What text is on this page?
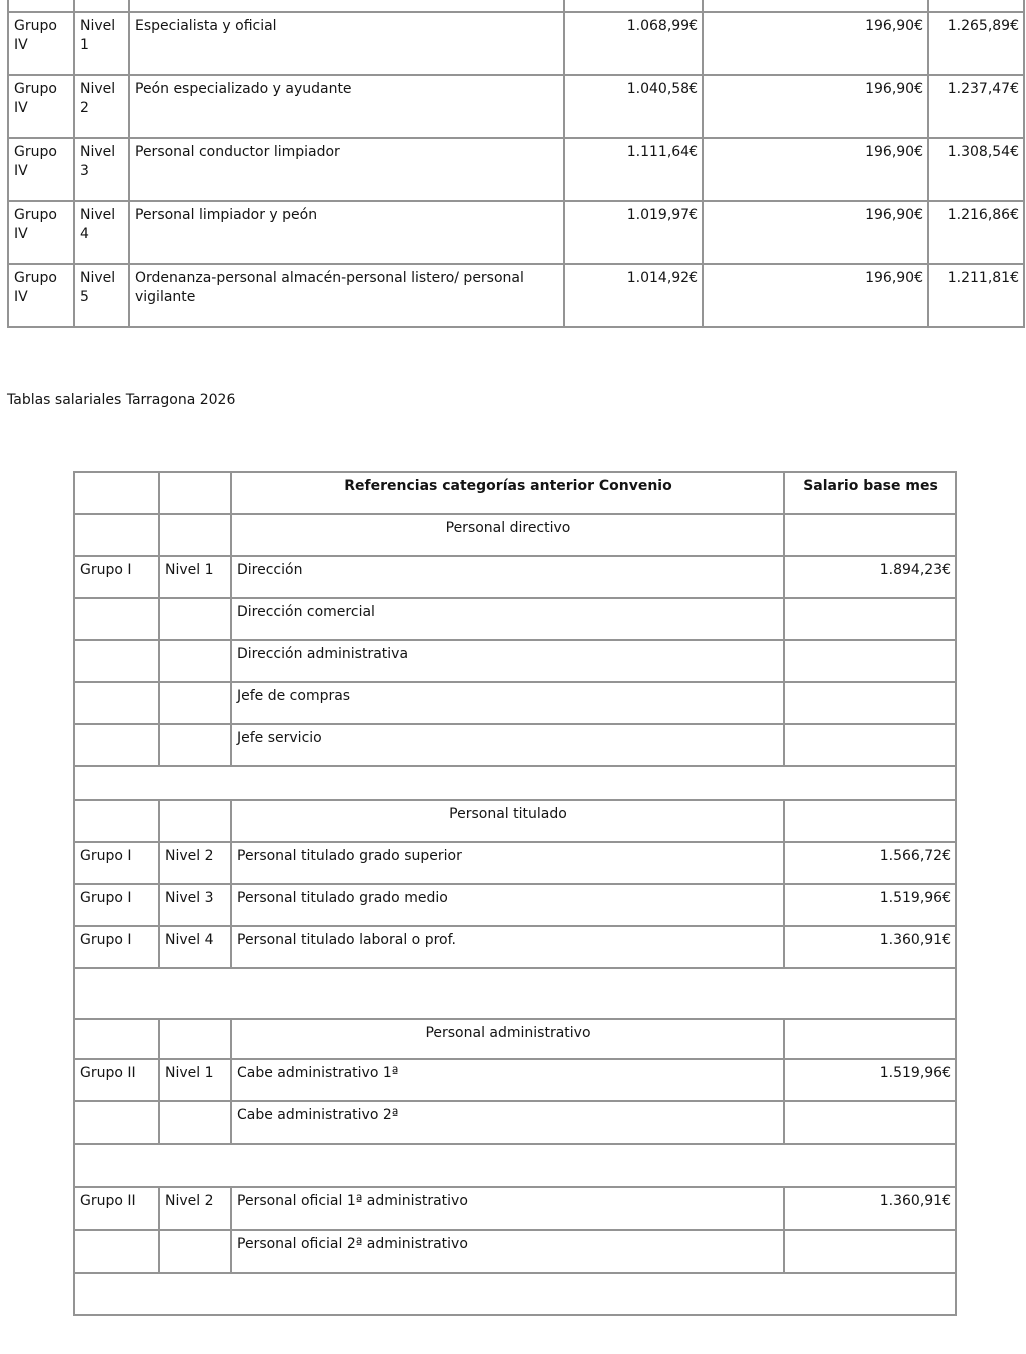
Grupo IV	Nivel 1	Especialista y oficial	1.068,99€	196,90€	1.265,89€
Grupo IV	Nivel 2	Peón especializado y ayudante	1.040,58€	196,90€	1.237,47€
Grupo IV	Nivel 3	Personal conductor limpiador	1.111,64€	196,90€	1.308,54€
Grupo IV	Nivel 4	Personal limpiador y peón	1.019,97€	196,90€	1.216,86€
Grupo IV	Nivel 5	Ordenanza-personal almacén-personal listero/ personal vigilante	1.014,92€	196,90€	1.211,81€
Tablas salariales Tarragona 2026
		Referencias categorías anterior Convenio	Salario base mes
		Personal directivo	
Grupo I	Nivel 1	Dirección	1.894,23€
		Dirección comercial	
		Dirección administrativa	
		Jefe de compras	
		Jefe servicio	

		Personal titulado	
Grupo I	Nivel 2	Personal titulado grado superior	1.566,72€
Grupo I	Nivel 3	Personal titulado grado medio	1.519,96€
Grupo I	Nivel 4	Personal titulado laboral o prof.	1.360,91€

		Personal administrativo	
Grupo II	Nivel 1	Cabe administrativo 1ª	1.519,96€
		Cabe administrativo 2ª	

Grupo II	Nivel 2	Personal oficial 1ª administrativo	1.360,91€
		Personal oficial 2ª administrativo	
